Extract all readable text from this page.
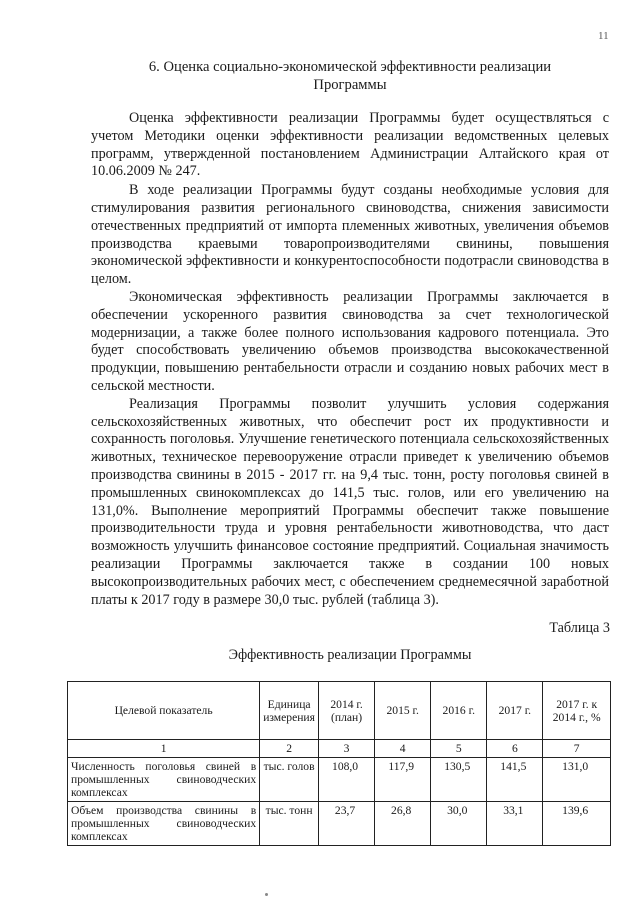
11
6. Оценка социально-экономической эффективности реализации
Программы

Оценка эффективности реализации Программы будет осуществляться с учетом Методики оценки эффективности реализации ведомственных целевых программ, утвержденной постановлением Администрации Алтайского края от 10.06.2009 № 247.

В ходе реализации Программы будут созданы необходимые условия для стимулирования развития регионального свиноводства, снижения зависимости отечественных предприятий от импорта племенных животных, увеличения объемов производства краевыми товаропроизводителями свинины, повышения экономической эффективности и конкурентоспособности подотрасли свиноводства в целом.

Экономическая эффективность реализации Программы заключается в обеспечении ускоренного развития свиноводства за счет технологической модернизации, а также более полного использования кадрового потенциала. Это будет способствовать увеличению объемов производства высококачественной продукции, повышению рентабельности отрасли и созданию новых рабочих мест в сельской местности.

Реализация Программы позволит улучшить условия содержания сельскохозяйственных животных, что обеспечит рост их продуктивности и сохранность поголовья. Улучшение генетического потенциала сельскохозяйственных животных, техническое перевооружение отрасли приведет к увеличению объемов производства свинины в 2015 - 2017 гг. на 9,4 тыс. тонн, росту поголовья свиней в промышленных свинокомплексах до 141,5 тыс. голов, или его увеличению на 131,0%. Выполнение мероприятий Программы обеспечит также повышение производительности труда и уровня рентабельности животноводства, что даст возможность улучшить финансовое состояние предприятий. Социальная значимость реализации Программы заключается также в создании 100 новых высокопроизводительных рабочих мест, с обеспечением среднемесячной заработной платы к 2017 году в размере 30,0 тыс. рублей (таблица 3).

Таблица 3
Эффективность реализации Программы
Целевой показатель	Единица измерения	2014 г. (план)	2015 г.	2016 г.	2017 г.	2017 г. к 2014 г., %
1	2	3	4	5	6	7
Численность поголовья свиней в промышленных свиноводческих комплексах	тыс. голов	108,0	117,9	130,5	141,5	131,0
Объем производства свинины в промышленных свиноводческих комплексах	тыс. тонн	23,7	26,8	30,0	33,1	139,6
